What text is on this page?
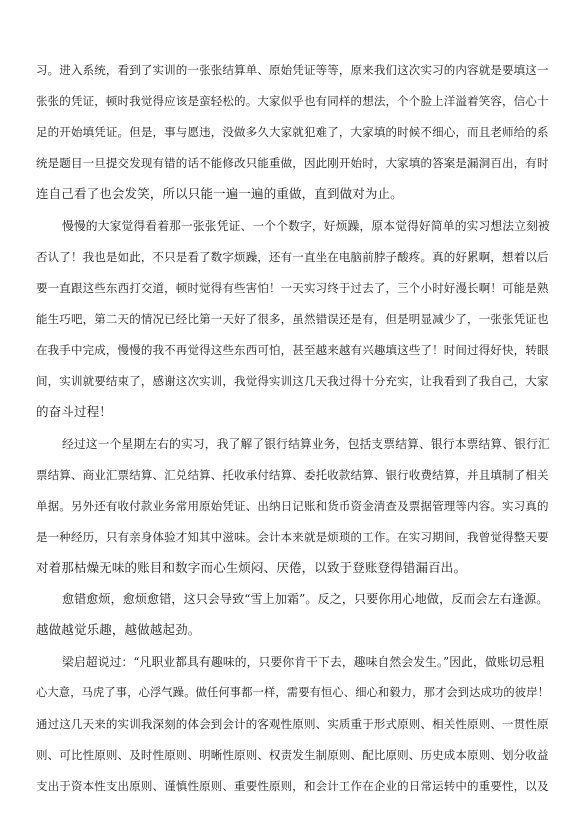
习。进入系统，看到了实训的一张张结算单、原始凭证等等，原来我们这次实习的内容就是要填这一
张张的凭证，顿时我觉得应该是蛮轻松的。大家似乎也有同样的想法，个个脸上洋溢着笑容，信心十
足的开始填凭证。但是，事与愿违，没做多久大家就犯难了，大家填的时候不细心，而且老师给的系
统是题目一旦提交发现有错的话不能修改只能重做，因此刚开始时，大家填的答案是漏洞百出，有时
连自己看了也会发笑，所以只能一遍一遍的重做，直到做对为止。
慢慢的大家觉得看着那一张张凭证、一个个数字，好烦躁，原本觉得好简单的实习想法立刻被
否认了！我也是如此，不只是看了数字烦躁，还有一直坐在电脑前脖子酸疼。真的好累啊，想着以后
要一直跟这些东西打交道，顿时觉得有些害怕！一天实习终于过去了，三个小时好漫长啊！可能是熟
能生巧吧，第二天的情况已经比第一天好了很多，虽然错误还是有，但是明显减少了，一张张凭证也
在我手中完成，慢慢的我不再觉得这些东西可怕，甚至越来越有兴趣填这些了！时间过得好快，转眼
间，实训就要结束了，感谢这次实训，我觉得实训这几天我过得十分充实，让我看到了我自己，大家
的奋斗过程！
经过这一个星期左右的实习，我了解了银行结算业务，包括支票结算、银行本票结算、银行汇
票结算、商业汇票结算、汇兑结算、托收承付结算、委托收款结算、银行收费结算，并且填制了相关
单据。另外还有收付款业务常用原始凭证、出纳日记账和货币资金清查及票据管理等内容。实习真的
是一种经历，只有亲身体验才知其中滋味。会计本来就是烦琐的工作。在实习期间，我曾觉得整天要
对着那枯燥无味的账目和数字而心生烦闷、厌倦，以致于登账登得错漏百出。
愈错愈烦，愈烦愈错，这只会导致“雪上加霜”。反之，只要你用心地做，反而会左右逢源。
越做越觉乐趣，越做越起劲。
梁启超说过：“凡职业都具有趣味的，只要你肯干下去，趣味自然会发生。”因此，做账切忌粗
心大意，马虎了事，心浮气躁。做任何事都一样，需要有恒心、细心和毅力，那才会到达成功的彼岸！
通过这几天来的实训我深刻的体会到会计的客观性原则、实质重于形式原则、相关性原则、一贯性原
则、可比性原则、及时性原则、明晰性原则、权责发生制原则、配比原则、历史成本原则、划分收益
支出于资本性支出原则、谨慎性原则、重要性原则，和会计工作在企业的日常运转中的重要性，以及
